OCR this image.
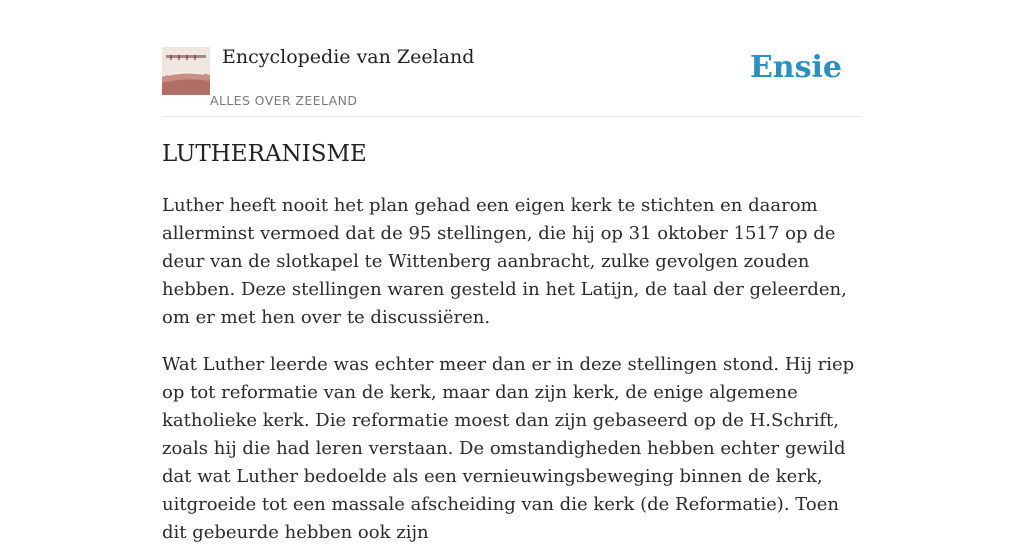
Encyclopedie van Zeeland
ALLES OVER ZEELAND
Ensie
LUTHERANISME

Luther heeft nooit het plan gehad een eigen kerk te stichten en daarom allerminst vermoed dat de 95 stellingen, die hij op 31 oktober 1517 op de deur van de slotkapel te Wittenberg aanbracht, zulke gevolgen zouden hebben. Deze stellingen waren gesteld in het Latijn, de taal der geleerden, om er met hen over te discussiëren.

Wat Luther leerde was echter meer dan er in deze stellingen stond. Hij riep op tot reformatie van de kerk, maar dan zijn kerk, de enige algemene katholieke kerk. Die reformatie moest dan zijn gebaseerd op de H.Schrift, zoals hij die had leren verstaan. De omstandigheden hebben echter gewild dat wat Luther bedoelde als een vernieuwingsbeweging binnen de kerk, uitgroeide tot een massale afscheiding van die kerk (de Reformatie). Toen dit gebeurde hebben ook zijn
